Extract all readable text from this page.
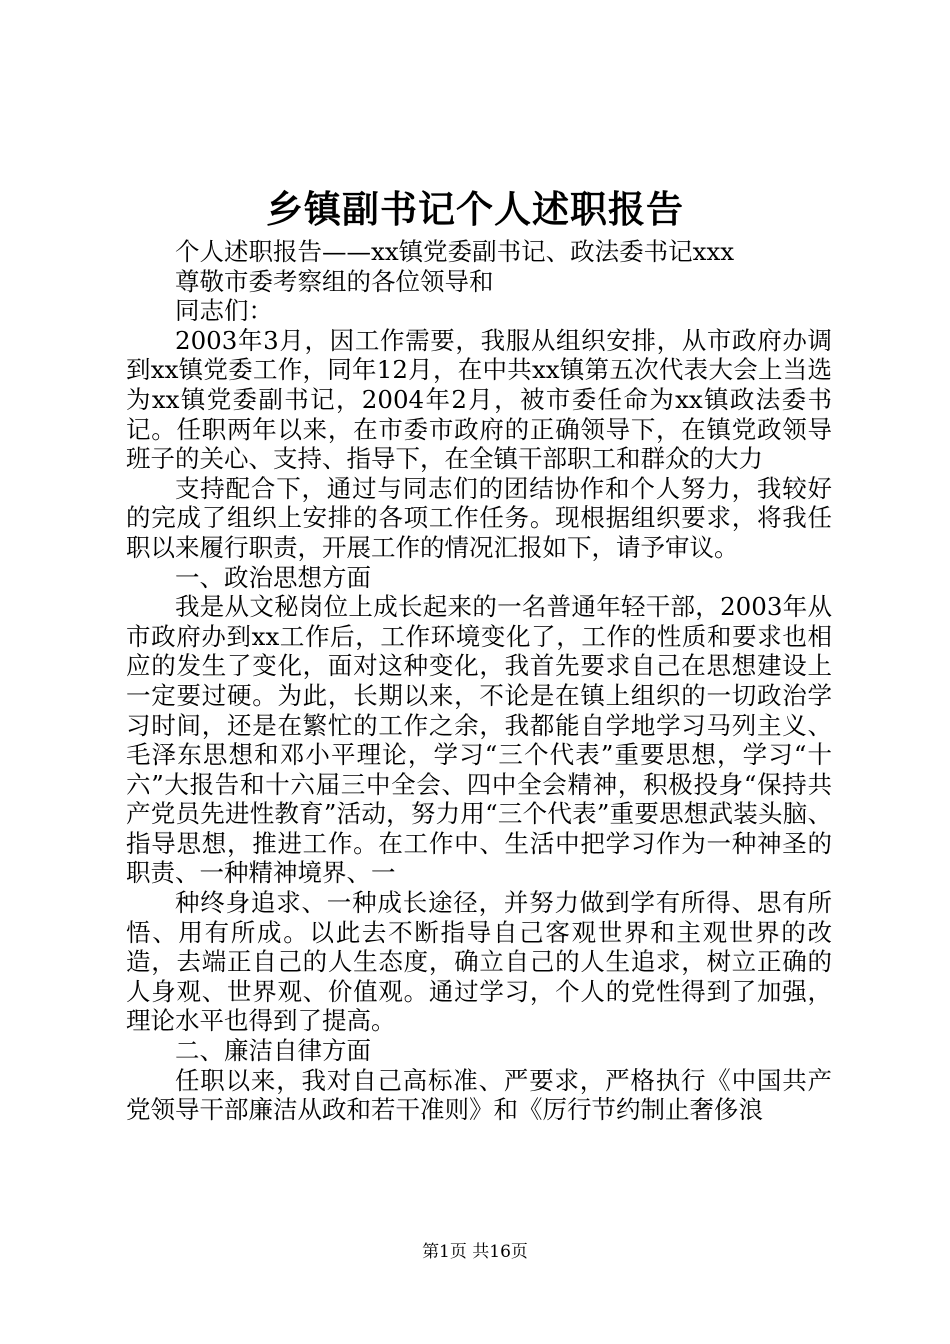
乡镇副书记个人述职报告

个人述职报告——xx镇党委副书记、政法委书记xxx

尊敬市委考察组的各位领导和

同志们：

2003年3月，因工作需要，我服从组织安排，从市政府办调到xx镇党委工作，同年12月，在中共xx镇第五次代表大会上当选为xx镇党委副书记，2004年2月，被市委任命为xx镇政法委书记。任职两年以来，在市委市政府的正确领导下，在镇党政领导班子的关心、支持、指导下，在全镇干部职工和群众的大力

支持配合下，通过与同志们的团结协作和个人努力，我较好的完成了组织上安排的各项工作任务。现根据组织要求，将我任职以来履行职责，开展工作的情况汇报如下，请予审议。

一、政治思想方面

我是从文秘岗位上成长起来的一名普通年轻干部，2003年从市政府办到xx工作后，工作环境变化了，工作的性质和要求也相应的发生了变化，面对这种变化，我首先要求自己在思想建设上一定要过硬。为此，长期以来，不论是在镇上组织的一切政治学习时间，还是在繁忙的工作之余，我都能自学地学习马列主义、毛泽东思想和邓小平理论，学习“三个代表”重要思想，学习“十六”大报告和十六届三中全会、四中全会精神，积极投身“保持共产党员先进性教育”活动，努力用“三个代表”重要思想武装头脑、指导思想，推进工作。在工作中、生活中把学习作为一种神圣的职责、一种精神境界、一

种终身追求、一种成长途径，并努力做到学有所得、思有所悟、用有所成。以此去不断指导自己客观世界和主观世界的改造，去端正自己的人生态度，确立自己的人生追求，树立正确的人身观、世界观、价值观。通过学习，个人的党性得到了加强，理论水平也得到了提高。

二、廉洁自律方面

任职以来，我对自己高标准、严要求，严格执行《中国共产党领导干部廉洁从政和若干准则》和《厉行节约制止奢侈浪

第1页 共16页
